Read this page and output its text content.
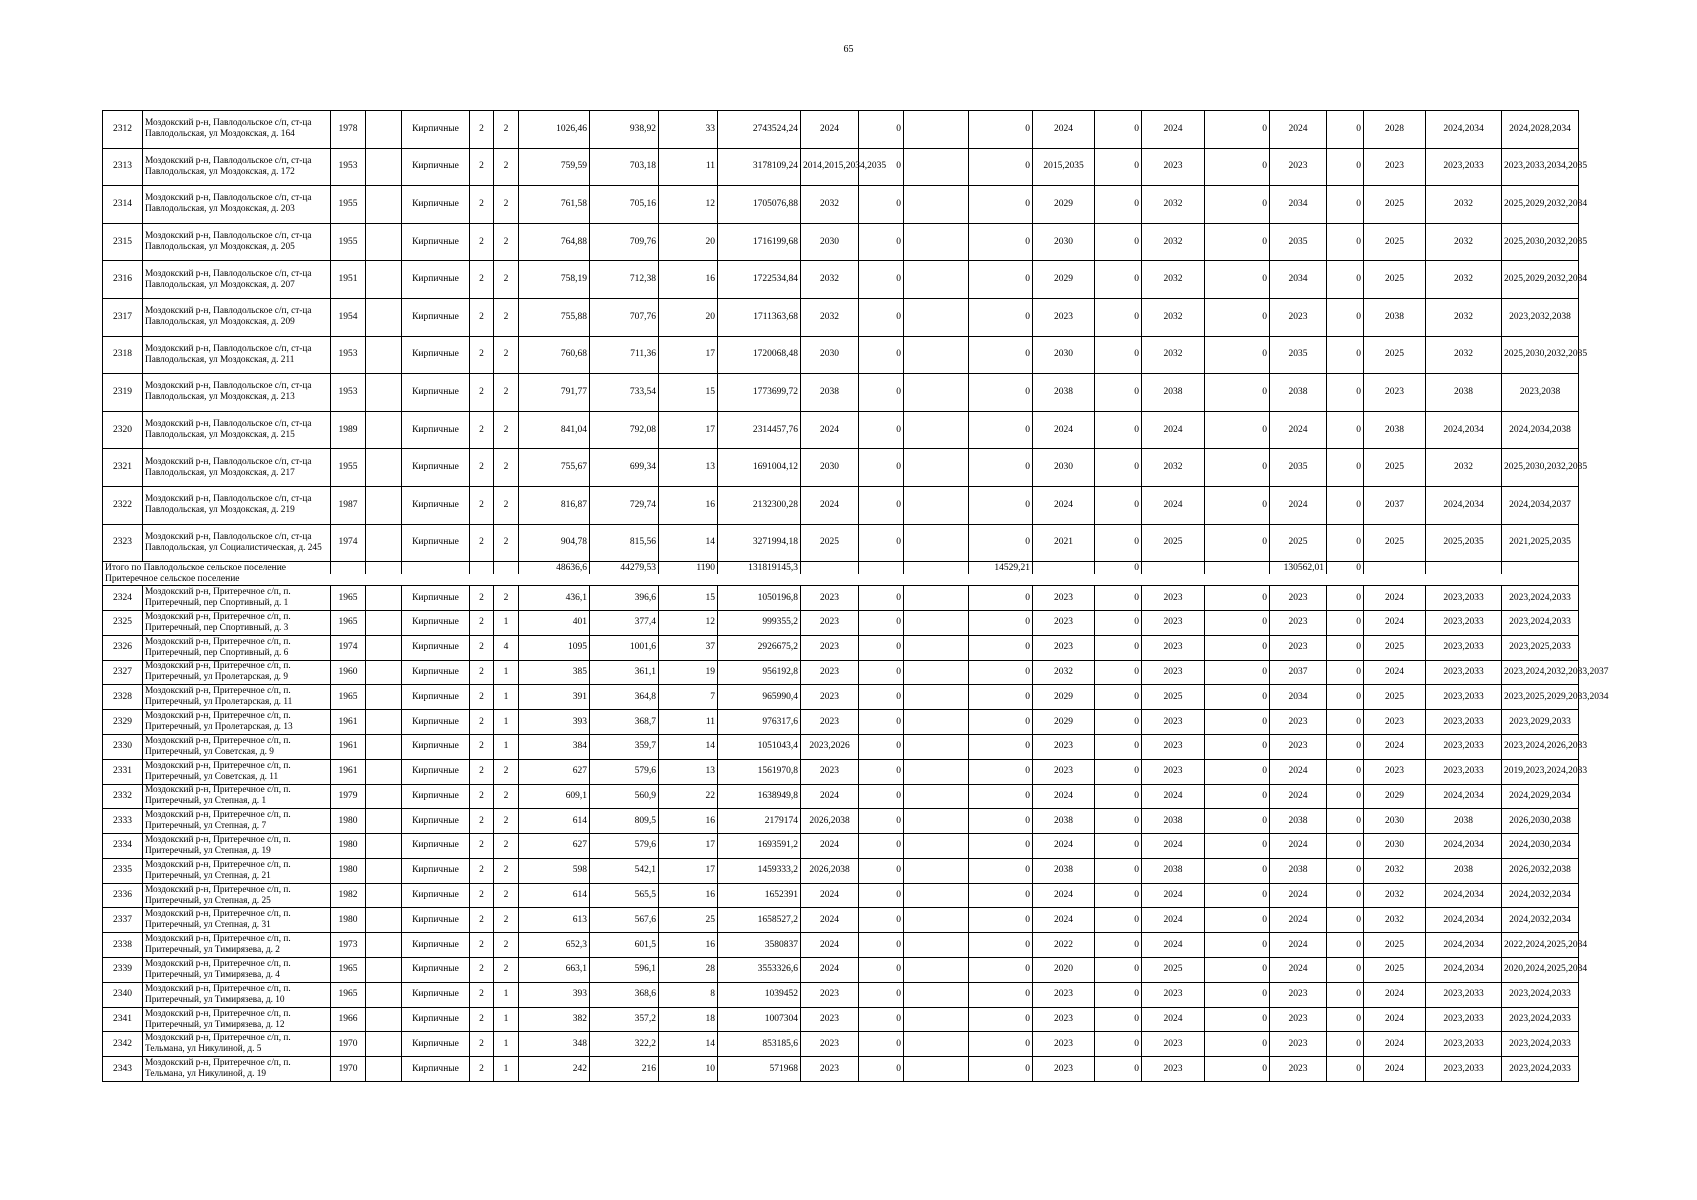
65
2312	Моздокский р-н, Павлодольское с/п, ст-ца Павлодольская, ул Моздокская, д. 164	1978		Кирпичные	2	2	1026,46	938,92	33	2743524,24	2024	0		0	2024	0	2024	0	2024	0	2028	2024,2034	2024,2028,2034
2313	Моздокский р-н, Павлодольское с/п, ст-ца Павлодольская, ул Моздокская, д. 172	1953		Кирпичные	2	2	759,59	703,18	11	3178109,24	2014,2015,2034,2035	0		0	2015,2035	0	2023	0	2023	0	2023	2023,2033	2023,2033,2034,2035
2314	Моздокский р-н, Павлодольское с/п, ст-ца Павлодольская, ул Моздокская, д. 203	1955		Кирпичные	2	2	761,58	705,16	12	1705076,88	2032	0		0	2029	0	2032	0	2034	0	2025	2032	2025,2029,2032,2034
2315	Моздокский р-н, Павлодольское с/п, ст-ца Павлодольская, ул Моздокская, д. 205	1955		Кирпичные	2	2	764,88	709,76	20	1716199,68	2030	0		0	2030	0	2032	0	2035	0	2025	2032	2025,2030,2032,2035
2316	Моздокский р-н, Павлодольское с/п, ст-ца Павлодольская, ул Моздокская, д. 207	1951		Кирпичные	2	2	758,19	712,38	16	1722534,84	2032	0		0	2029	0	2032	0	2034	0	2025	2032	2025,2029,2032,2034
2317	Моздокский р-н, Павлодольское с/п, ст-ца Павлодольская, ул Моздокская, д. 209	1954		Кирпичные	2	2	755,88	707,76	20	1711363,68	2032	0		0	2023	0	2032	0	2023	0	2038	2032	2023,2032,2038
2318	Моздокский р-н, Павлодольское с/п, ст-ца Павлодольская, ул Моздокская, д. 211	1953		Кирпичные	2	2	760,68	711,36	17	1720068,48	2030	0		0	2030	0	2032	0	2035	0	2025	2032	2025,2030,2032,2035
2319	Моздокский р-н, Павлодольское с/п, ст-ца Павлодольская, ул Моздокская, д. 213	1953		Кирпичные	2	2	791,77	733,54	15	1773699,72	2038	0		0	2038	0	2038	0	2038	0	2023	2038	2023,2038
2320	Моздокский р-н, Павлодольское с/п, ст-ца Павлодольская, ул Моздокская, д. 215	1989		Кирпичные	2	2	841,04	792,08	17	2314457,76	2024	0		0	2024	0	2024	0	2024	0	2038	2024,2034	2024,2034,2038
2321	Моздокский р-н, Павлодольское с/п, ст-ца Павлодольская, ул Моздокская, д. 217	1955		Кирпичные	2	2	755,67	699,34	13	1691004,12	2030	0		0	2030	0	2032	0	2035	0	2025	2032	2025,2030,2032,2035
2322	Моздокский р-н, Павлодольское с/п, ст-ца Павлодольская, ул Моздокская, д. 219	1987		Кирпичные	2	2	816,87	729,74	16	2132300,28	2024	0		0	2024	0	2024	0	2024	0	2037	2024,2034	2024,2034,2037
2323	Моздокский р-н, Павлодольское с/п, ст-ца Павлодольская, ул Социалистическая, д. 245	1974		Кирпичные	2	2	904,78	815,56	14	3271994,18	2025	0		0	2021	0	2025	0	2025	0	2025	2025,2035	2021,2025,2035
Итого по Павлодольское сельское поселение							48636,6	44279,53	1190	131819145,3				14529,21		0			130562,01	0			
Притеречное сельское поселение																							
2324	Моздокский р-н, Притеречное с/п, п. Притеречный, пер Спортивный, д. 1	1965		Кирпичные	2	2	436,1	396,6	15	1050196,8	2023	0		0	2023	0	2023	0	2023	0	2024	2023,2033	2023,2024,2033
2325	Моздокский р-н, Притеречное с/п, п. Притеречный, пер Спортивный, д. 3	1965		Кирпичные	2	1	401	377,4	12	999355,2	2023	0		0	2023	0	2023	0	2023	0	2024	2023,2033	2023,2024,2033
2326	Моздокский р-н, Притеречное с/п, п. Притеречный, пер Спортивный, д. 6	1974		Кирпичные	2	4	1095	1001,6	37	2926675,2	2023	0		0	2023	0	2023	0	2023	0	2025	2023,2033	2023,2025,2033
2327	Моздокский р-н, Притеречное с/п, п. Притеречный, ул Пролетарская, д. 9	1960		Кирпичные	2	1	385	361,1	19	956192,8	2023	0		0	2032	0	2023	0	2037	0	2024	2023,2033	2023,2024,2032,2033,2037
2328	Моздокский р-н, Притеречное с/п, п. Притеречный, ул Пролетарская, д. 11	1965		Кирпичные	2	1	391	364,8	7	965990,4	2023	0		0	2029	0	2025	0	2034	0	2025	2023,2033	2023,2025,2029,2033,2034
2329	Моздокский р-н, Притеречное с/п, п. Притеречный, ул Пролетарская, д. 13	1961		Кирпичные	2	1	393	368,7	11	976317,6	2023	0		0	2029	0	2023	0	2023	0	2023	2023,2033	2023,2029,2033
2330	Моздокский р-н, Притеречное с/п, п. Притеречный, ул Советская, д. 9	1961		Кирпичные	2	1	384	359,7	14	1051043,4	2023,2026	0		0	2023	0	2023	0	2023	0	2024	2023,2033	2023,2024,2026,2033
2331	Моздокский р-н, Притеречное с/п, п. Притеречный, ул Советская, д. 11	1961		Кирпичные	2	2	627	579,6	13	1561970,8	2023	0		0	2023	0	2023	0	2024	0	2023	2023,2033	2019,2023,2024,2033
2332	Моздокский р-н, Притеречное с/п, п. Притеречный, ул Степная, д. 1	1979		Кирпичные	2	2	609,1	560,9	22	1638949,8	2024	0		0	2024	0	2024	0	2024	0	2029	2024,2034	2024,2029,2034
2333	Моздокский р-н, Притеречное с/п, п. Притеречный, ул Степная, д. 7	1980		Кирпичные	2	2	614	809,5	16	2179174	2026,2038	0		0	2038	0	2038	0	2038	0	2030	2038	2026,2030,2038
2334	Моздокский р-н, Притеречное с/п, п. Притеречный, ул Степная, д. 19	1980		Кирпичные	2	2	627	579,6	17	1693591,2	2024	0		0	2024	0	2024	0	2024	0	2030	2024,2034	2024,2030,2034
2335	Моздокский р-н, Притеречное с/п, п. Притеречный, ул Степная, д. 21	1980		Кирпичные	2	2	598	542,1	17	1459333,2	2026,2038	0		0	2038	0	2038	0	2038	0	2032	2038	2026,2032,2038
2336	Моздокский р-н, Притеречное с/п, п. Притеречный, ул Степная, д. 25	1982		Кирпичные	2	2	614	565,5	16	1652391	2024	0		0	2024	0	2024	0	2024	0	2032	2024,2034	2024,2032,2034
2337	Моздокский р-н, Притеречное с/п, п. Притеречный, ул Степная, д. 31	1980		Кирпичные	2	2	613	567,6	25	1658527,2	2024	0		0	2024	0	2024	0	2024	0	2032	2024,2034	2024,2032,2034
2338	Моздокский р-н, Притеречное с/п, п. Притеречный, ул Тимирязева, д. 2	1973		Кирпичные	2	2	652,3	601,5	16	3580837	2024	0		0	2022	0	2024	0	2024	0	2025	2024,2034	2022,2024,2025,2034
2339	Моздокский р-н, Притеречное с/п, п. Притеречный, ул Тимирязева, д. 4	1965		Кирпичные	2	2	663,1	596,1	28	3553326,6	2024	0		0	2020	0	2025	0	2024	0	2025	2024,2034	2020,2024,2025,2034
2340	Моздокский р-н, Притеречное с/п, п. Притеречный, ул Тимирязева, д. 10	1965		Кирпичные	2	1	393	368,6	8	1039452	2023	0		0	2023	0	2023	0	2023	0	2024	2023,2033	2023,2024,2033
2341	Моздокский р-н, Притеречное с/п, п. Притеречный, ул Тимирязева, д. 12	1966		Кирпичные	2	1	382	357,2	18	1007304	2023	0		0	2023	0	2024	0	2023	0	2024	2023,2033	2023,2024,2033
2342	Моздокский р-н, Притеречное с/п, п. Тельмана, ул Никулиной, д. 5	1970		Кирпичные	2	1	348	322,2	14	853185,6	2023	0		0	2023	0	2023	0	2023	0	2024	2023,2033	2023,2024,2033
2343	Моздокский р-н, Притеречное с/п, п. Тельмана, ул Никулиной, д. 19	1970		Кирпичные	2	1	242	216	10	571968	2023	0		0	2023	0	2023	0	2023	0	2024	2023,2033	2023,2024,2033
